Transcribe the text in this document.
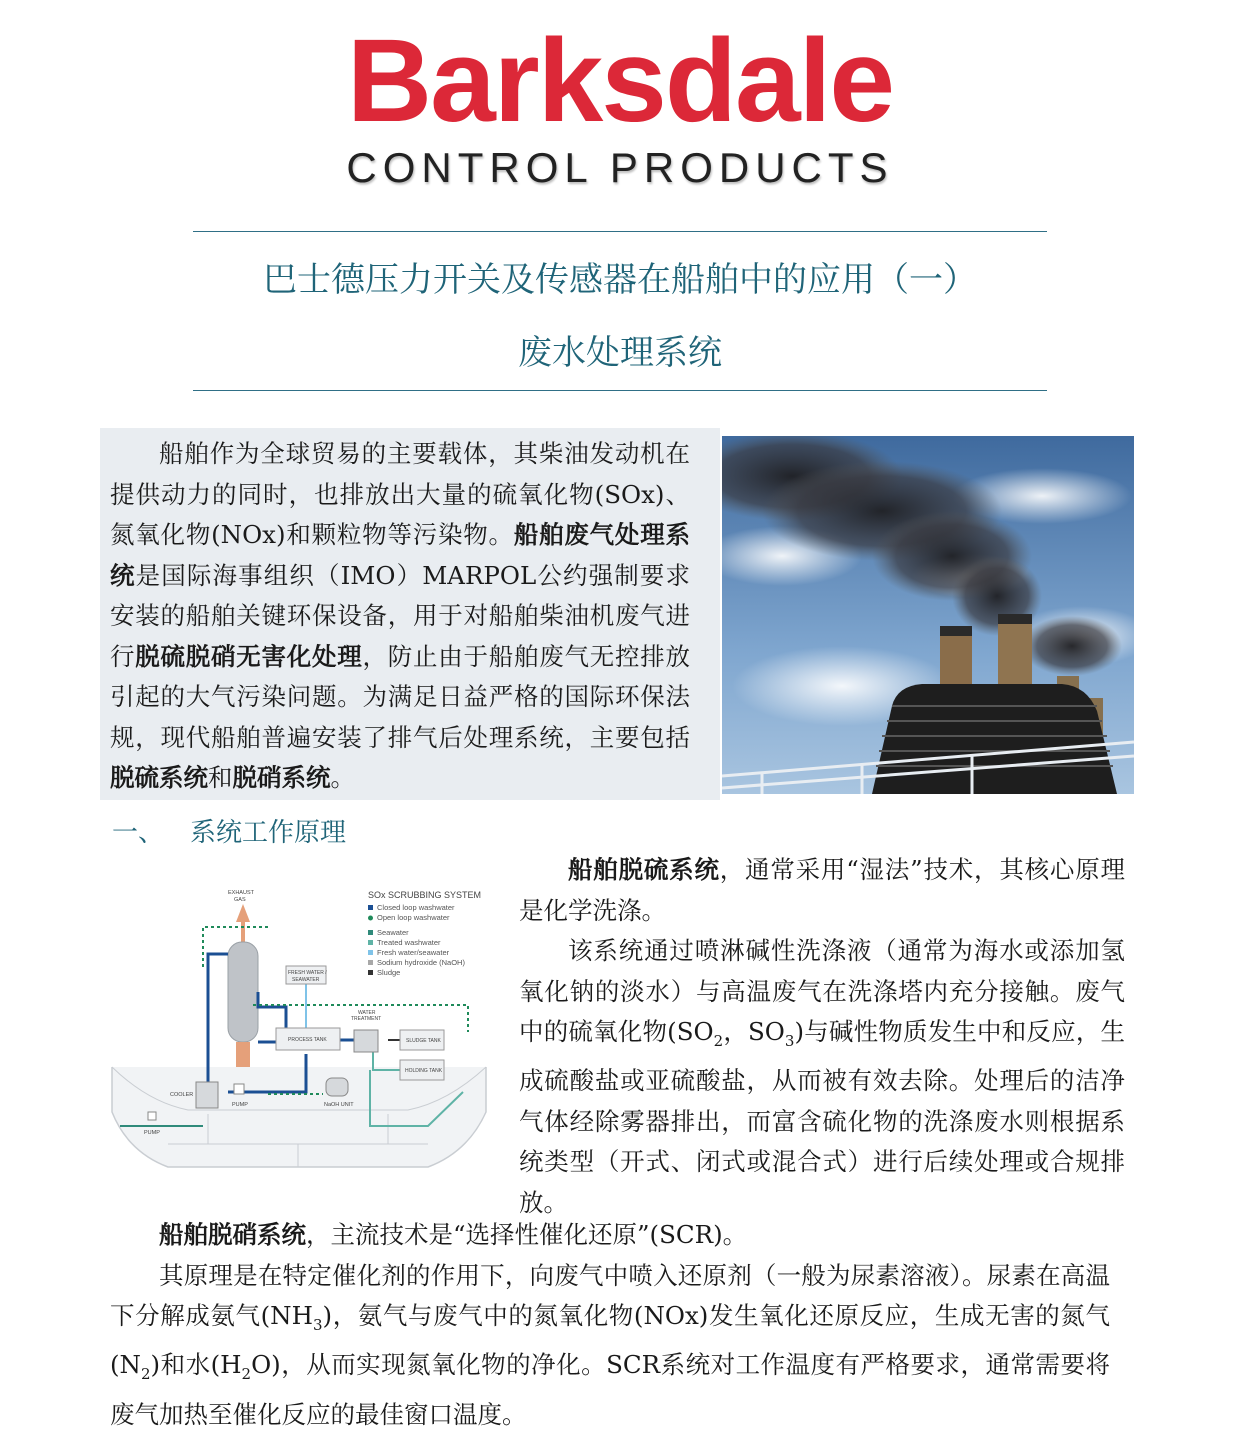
Barksdale
CONTROL PRODUCTS
巴士德压力开关及传感器在船舶中的应用（一）
废水处理系统

船舶作为全球贸易的主要载体，其柴油发动机在提供动力的同时，也排放出大量的硫氧化物(SOx)、氮氧化物(NOx)和颗粒物等污染物。船舶废气处理系统是国际海事组织（IMO）MARPOL公约强制要求安装的船舶关键环保设备，用于对船舶柴油机废气进行脱硫脱硝无害化处理，防止由于船舶废气无控排放引起的大气污染问题。为满足日益严格的国际环保法规，现代船舶普遍安装了排气后处理系统，主要包括脱硫系统和脱硝系统。

一、 系统工作原理
SOx SCRUBBING SYSTEM
Closed loop washwater
Open loop washwater
Seawater
Treated washwater
Fresh water/seawater
Sodium hydroxide (NaOH)
Sludge
EXHAUST
GAS
FRESH WATER /
SEAWATER
WATER
TREATMENT
PROCESS TANK	SLUDGE TANK
HOLDING TANK
COOLER
PUMP
PUMP
NaOH UNIT

船舶脱硫系统，通常采用“湿法”技术，其核心原理是化学洗涤。

该系统通过喷淋碱性洗涤液（通常为海水或添加氢氧化钠的淡水）与高温废气在洗涤塔内充分接触。废气中的硫氧化物($SO_2$，$SO_3$)与碱性物质发生中和反应，生成硫酸盐或亚硫酸盐，从而被有效去除。处理后的洁净气体经除雾器排出，而富含硫化物的洗涤废水则根据系统类型（开式、闭式或混合式）进行后续处理或合规排放。

船舶脱硝系统，主流技术是“选择性催化还原”(SCR)。

其原理是在特定催化剂的作用下，向废气中喷入还原剂（一般为尿素溶液）。尿素在高温下分解成氨气$(NH_3)$，氨气与废气中的氮氧化物(NOx)发生氧化还原反应，生成无害的氮气$(N_2)$和水$(H_2O)$，从而实现氮氧化物的净化。SCR系统对工作温度有严格要求，通常需要将废气加热至催化反应的最佳窗口温度。
